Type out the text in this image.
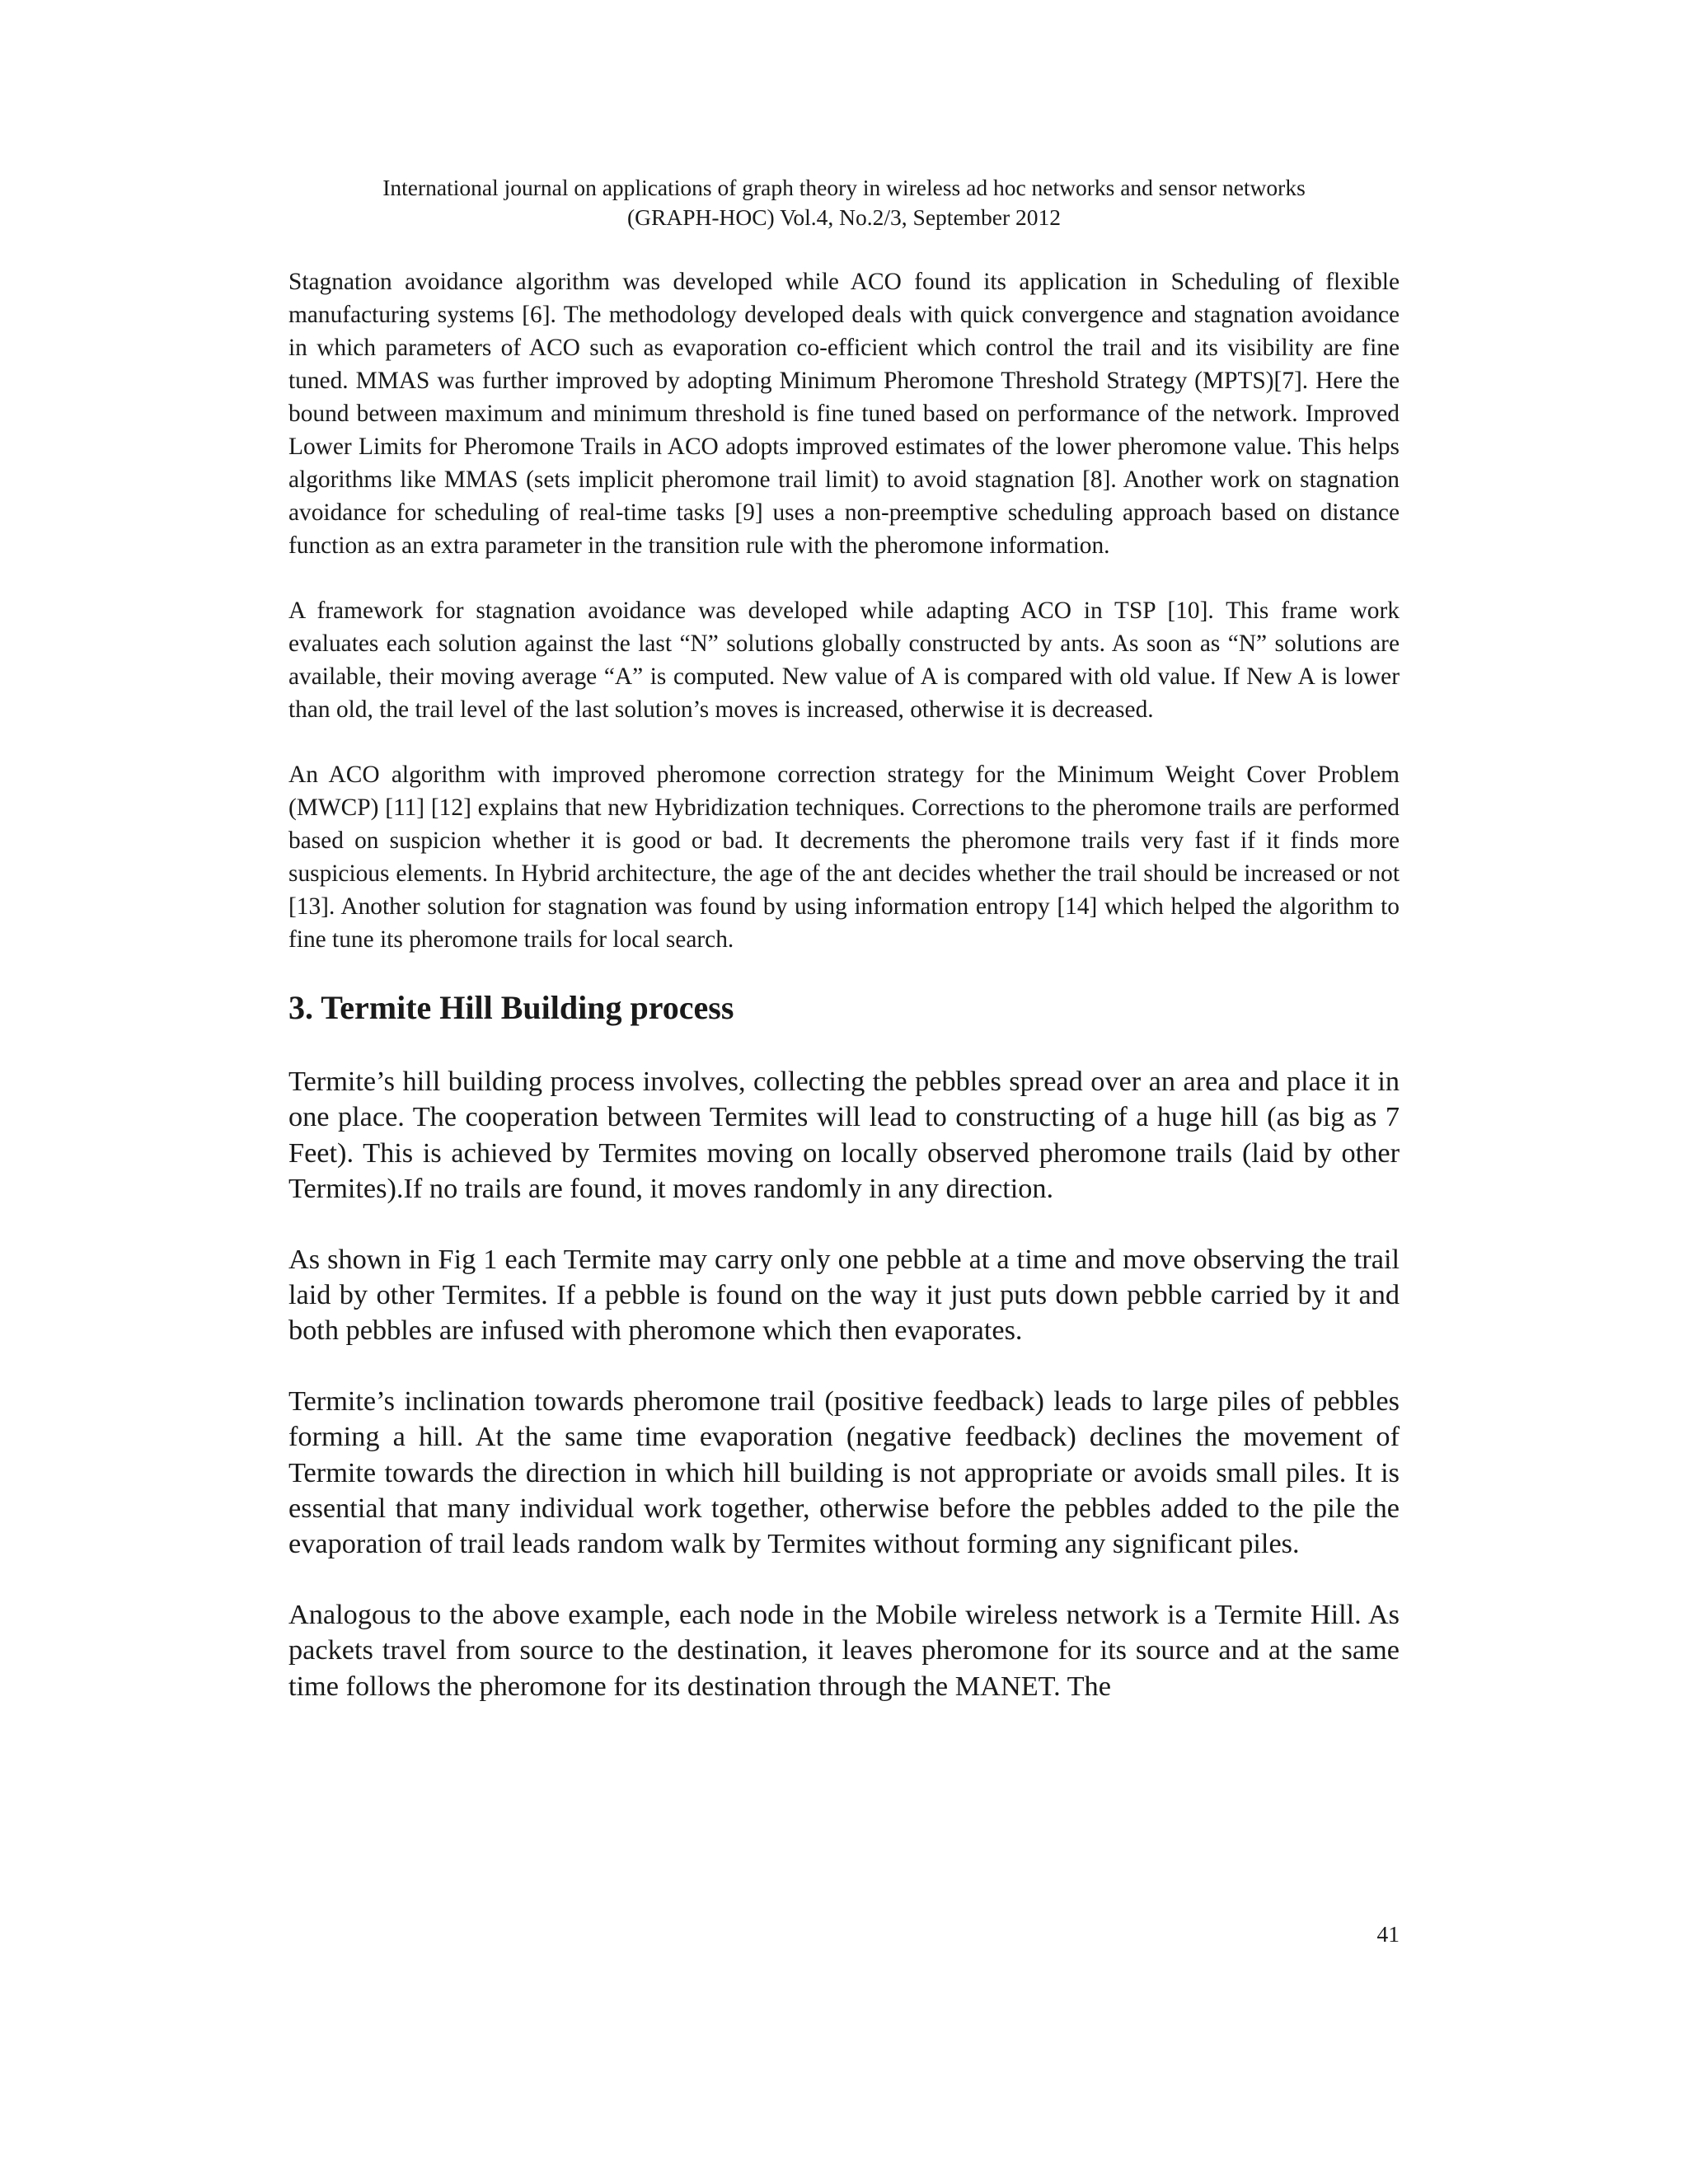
International journal on applications of graph theory in wireless ad hoc networks and sensor networks
(GRAPH-HOC) Vol.4, No.2/3, September 2012

Stagnation avoidance algorithm was developed while ACO found its application in Scheduling of flexible manufacturing systems [6]. The methodology developed deals with quick convergence and stagnation avoidance in which parameters of ACO such as evaporation co-efficient which control the trail and its visibility are fine tuned. MMAS was further improved by adopting Minimum Pheromone Threshold Strategy (MPTS)[7]. Here the bound between maximum and minimum threshold is fine tuned based on performance of the network. Improved Lower Limits for Pheromone Trails in ACO adopts improved estimates of the lower pheromone value. This helps algorithms like MMAS (sets implicit pheromone trail limit) to avoid stagnation [8]. Another work on stagnation avoidance for scheduling of real-time tasks [9] uses a non-preemptive scheduling approach based on distance function as an extra parameter in the transition rule with the pheromone information.

A framework for stagnation avoidance was developed while adapting ACO in TSP [10]. This frame work evaluates each solution against the last “N” solutions globally constructed by ants. As soon as “N” solutions are available, their moving average “A” is computed. New value of A is compared with old value. If New A is lower than old, the trail level of the last solution’s moves is increased, otherwise it is decreased.

An ACO algorithm with improved pheromone correction strategy for the Minimum Weight Cover Problem (MWCP) [11] [12] explains that new Hybridization techniques. Corrections to the pheromone trails are performed based on suspicion whether it is good or bad. It decrements the pheromone trails very fast if it finds more suspicious elements. In Hybrid architecture, the age of the ant decides whether the trail should be increased or not [13]. Another solution for stagnation was found by using information entropy [14] which helped the algorithm to fine tune its pheromone trails for local search.

3. Termite Hill Building process

Termite’s hill building process involves, collecting the pebbles spread over an area and place it in one place. The cooperation between Termites will lead to constructing of a huge hill (as big as 7 Feet). This is achieved by Termites moving on locally observed pheromone trails (laid by other Termites).If no trails are found, it moves randomly in any direction.

As shown in Fig 1 each Termite may carry only one pebble at a time and move observing the trail laid by other Termites. If a pebble is found on the way it just puts down pebble carried by it and both pebbles are infused with pheromone which then evaporates.

Termite’s inclination towards pheromone trail (positive feedback) leads to large piles of pebbles forming a hill. At the same time evaporation (negative feedback) declines the movement of Termite towards the direction in which hill building is not appropriate or avoids small piles. It is essential that many individual work together, otherwise before the pebbles added to the pile the evaporation of trail leads random walk by Termites without forming any significant piles.

Analogous to the above example, each node in the Mobile wireless network is a Termite Hill. As packets travel from source to the destination, it leaves pheromone for its source and at the same time follows the pheromone for its destination through the MANET. The

41
